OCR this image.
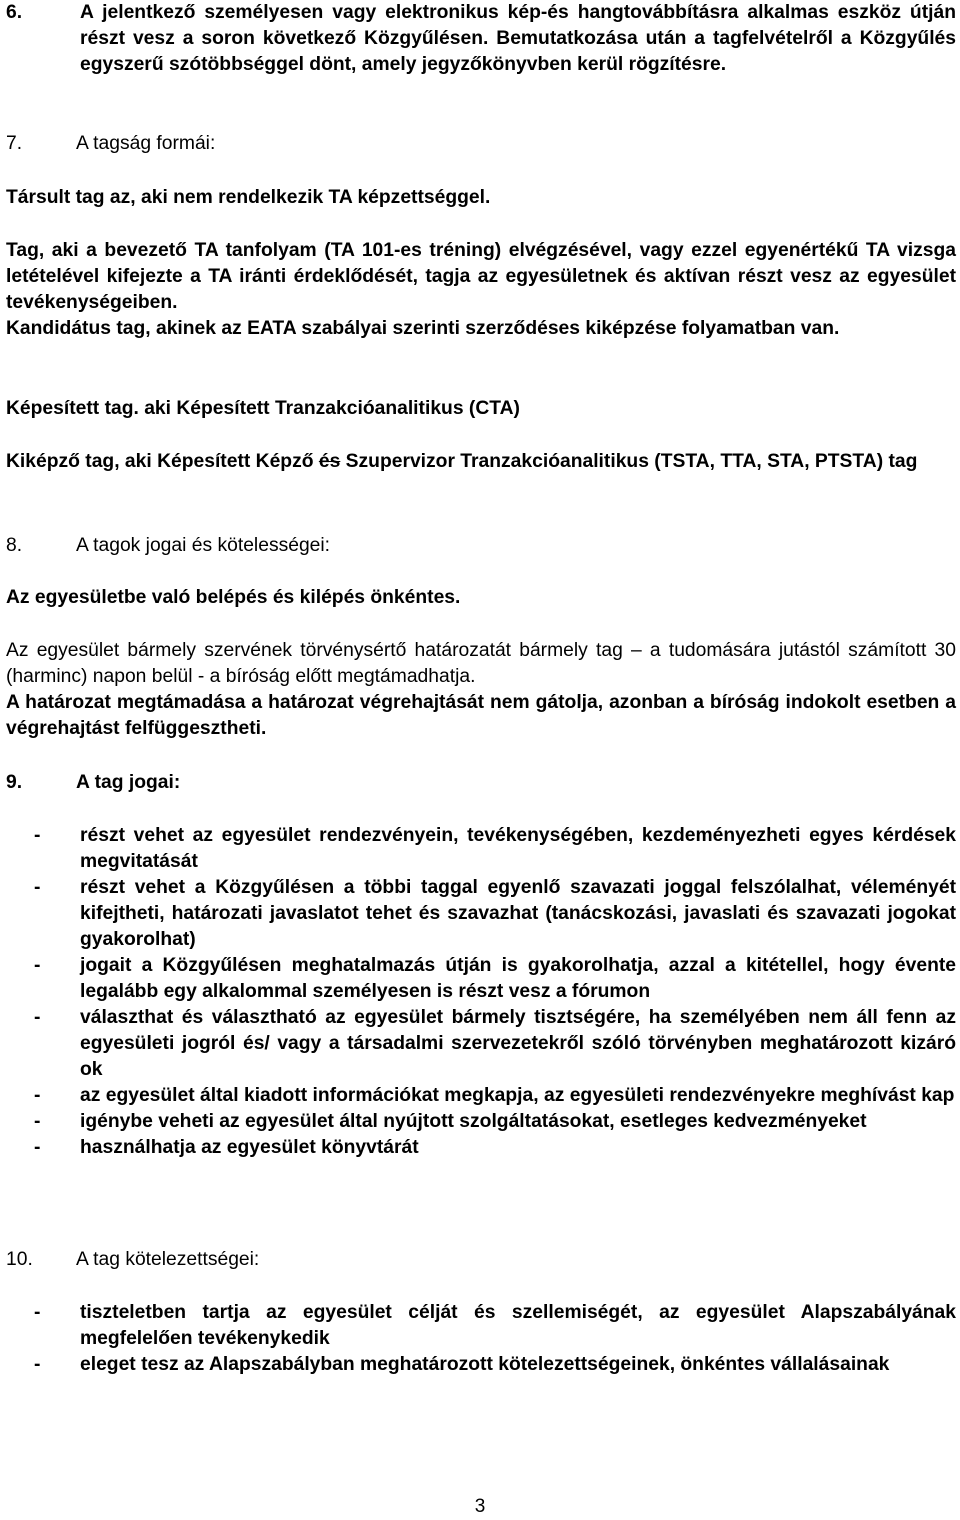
6.	A jelentkező személyesen vagy elektronikus kép-és hangtovábbításra alkalmas eszköz útján részt vesz a soron következő Közgyűlésen. Bemutatkozása után a tagfelvételről a Közgyűlés egyszerű szótöbbséggel dönt, amely jegyzőkönyvben kerül rögzítésre.
7.	A tagság formái:
Társult tag az, aki nem rendelkezik TA képzettséggel.
Tag, aki a bevezető TA tanfolyam (TA 101-es tréning) elvégzésével, vagy ezzel egyenértékű TA vizsga letételével kifejezte a TA iránti érdeklődését, tagja az egyesületnek és aktívan részt vesz az egyesület tevékenységeiben.
Kandidátus tag, akinek az EATA szabályai szerinti szerződéses kiképzése folyamatban van.
Képesített tag. aki Képesített Tranzakcióanalitikus (CTA)
Kiképző tag, aki Képesített Képző és Szupervizor Tranzakcióanalitikus (TSTA, TTA, STA, PTSTA) tag
8.	A tagok jogai és kötelességei:
Az egyesületbe való belépés és kilépés önkéntes.
Az egyesület bármely szervének törvénysértő határozatát bármely tag – a tudomására jutástól számított 30 (harminc) napon belül - a bíróság előtt megtámadhatja.
A határozat megtámadása a határozat végrehajtását nem gátolja, azonban a bíróság indokolt esetben a végrehajtást felfüggesztheti.
9.	A tag jogai:
- részt vehet az egyesület rendezvényein, tevékenységében, kezdeményezheti egyes kérdések megvitatását
- részt vehet a Közgyűlésen a többi taggal egyenlő szavazati joggal felszólalhat, véleményét kifejtheti, határozati javaslatot tehet és szavazhat (tanácskozási, javaslati és szavazati jogokat gyakorolhat)
- jogait a Közgyűlésen meghatalmazás útján is gyakorolhatja, azzal a kitétellel, hogy évente legalább egy alkalommal személyesen is részt vesz a fórumon
- választhat és választható az egyesület bármely tisztségére, ha személyében nem áll fenn az egyesületi jogról és/ vagy a társadalmi szervezetekről szóló törvényben meghatározott kizáró ok
- az egyesület által kiadott információkat megkapja, az egyesületi rendezvényekre meghívást kap
- igénybe veheti az egyesület által nyújtott szolgáltatásokat, esetleges kedvezményeket
- használhatja az egyesület könyvtárát
10. A tag kötelezettségei:
- tiszteletben tartja az egyesület célját és szellemiségét, az egyesület Alapszabályának megfelelően tevékenykedik
- eleget tesz az Alapszabályban meghatározott kötelezettségeinek, önkéntes vállalásainak
3
